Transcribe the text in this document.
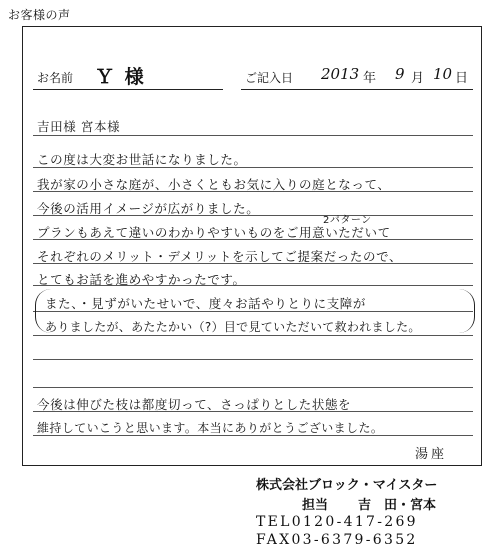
お客様の声
お名前 Ｙ 様	ご記入日 2013 年 9 月 10 日
吉田様 宮本様
この度は大変お世話になりました。
我が家の小さな庭が、小さくともお気に入りの庭となって、
今後の活用イメージが広がりました。
2パターン
プランもあえて違いのわかりやすいものをご用意いただいて
それぞれのメリット・デメリットを示してご提案だったので、
とてもお話を進めやすかったです。
また、・見ずがいたせいで、度々お話やりとりに支障が
ありましたが、あたたかい（?）目で見ていただいて救われました。
今後は伸びた枝は都度切って、さっぱりとした状態を
維持していこうと思います。本当にありがとうございました。
湯座
株式会社ブロック・マイスター
担当 吉　田・宮本
TEL0120-417-269
FAX03-6379-6352
